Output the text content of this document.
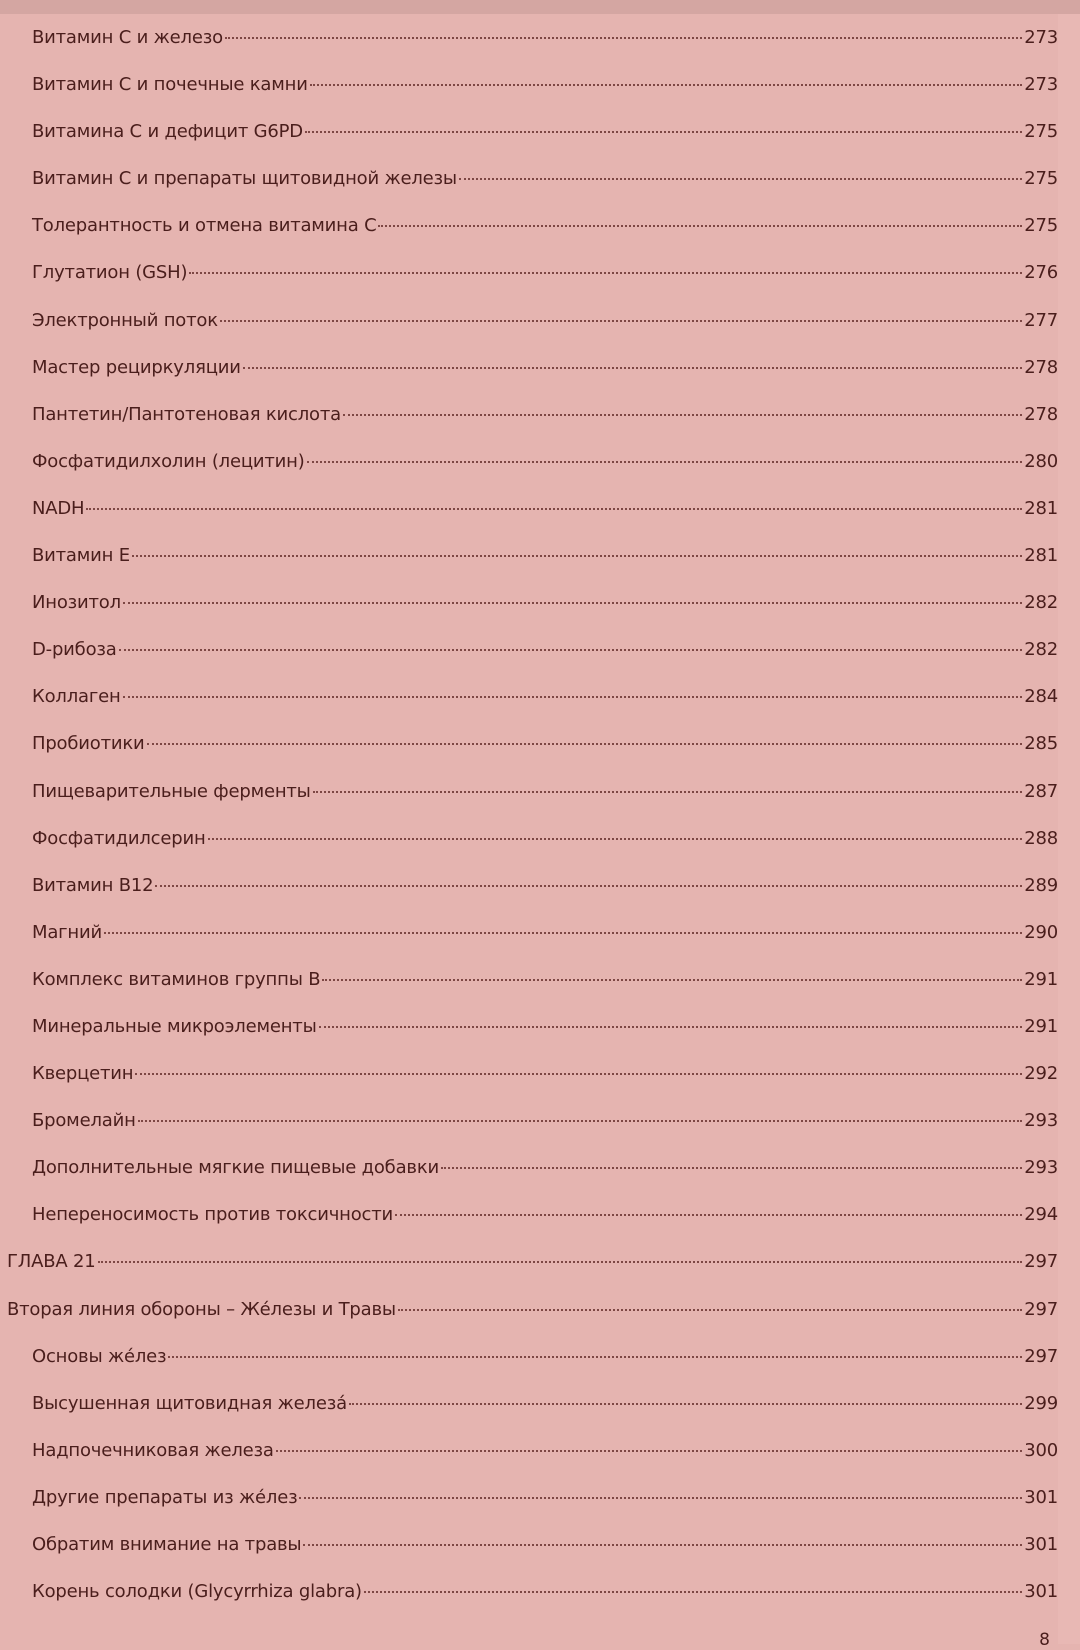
Витамин С и железо	273
Витамин С и почечные камни	273
Витамина С и дефицит G6PD	275
Витамин С и препараты щитовидной железы	275
Толерантность и отмена витамина С	275
Глутатион (GSH)	276
Электронный поток	277
Мастер рециркуляции	278
Пантетин/Пантотеновая кислота	278
Фосфатидилхолин (лецитин)	280
NADH	281
Витамин Е	281
Инозитол	282
D-рибоза	282
Коллаген	284
Пробиотики	285
Пищеварительные ферменты	287
Фосфатидилсерин	288
Витамин В12	289
Магний	290
Комплекс витаминов группы В	291
Минеральные микроэлементы	291
Кверцетин	292
Бромелайн	293
Дополнительные мягкие пищевые добавки	293
Непереносимость против токсичности	294
ГЛАВА 21	297
Вторая линия обороны – Жéлезы и Травы	297
Основы жéлез	297
Высушенная щитовидная железá	299
Надпочечниковая железа	300
Другие препараты из жéлез	301
Обратим внимание на травы	301
Корень солодки (Glycyrrhiza glabra)	301
8
